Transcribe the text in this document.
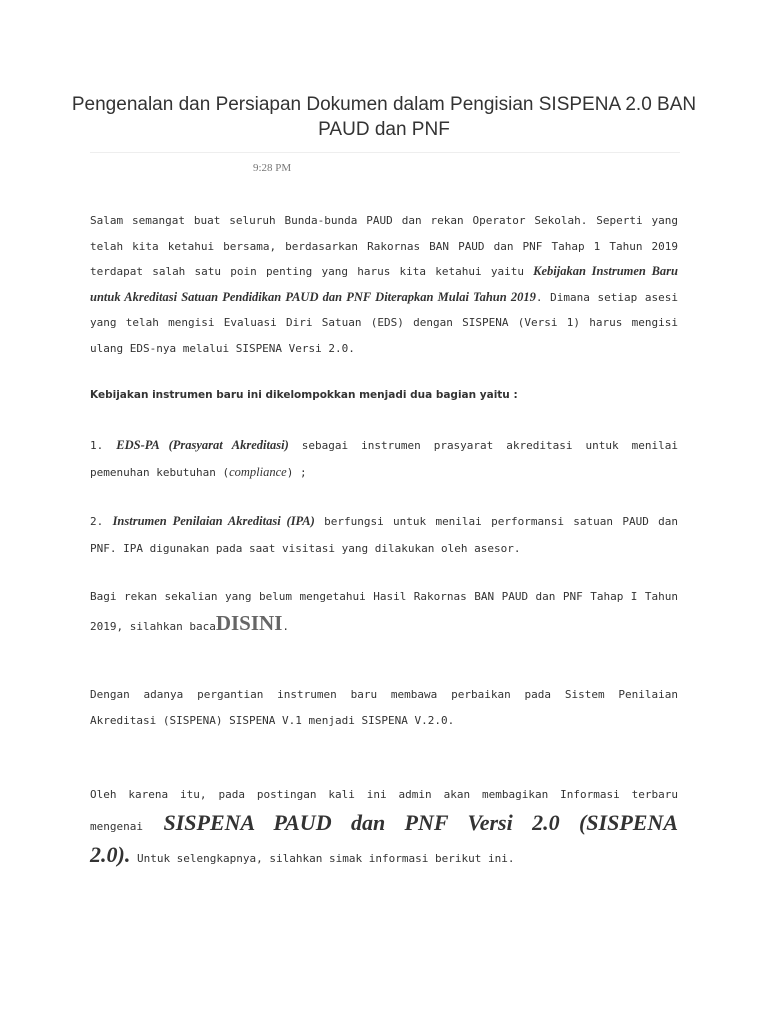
Pengenalan dan Persiapan Dokumen dalam Pengisian SISPENA 2.0 BAN PAUD dan PNF
9:28 PM

Salam semangat buat seluruh Bunda-bunda PAUD dan rekan Operator Sekolah. Seperti yang telah kita ketahui bersama, berdasarkan Rakornas BAN PAUD dan PNF Tahap 1 Tahun 2019 terdapat salah satu poin penting yang harus kita ketahui yaitu Kebijakan Instrumen Baru untuk Akreditasi Satuan Pendidikan PAUD dan PNF Diterapkan Mulai Tahun 2019. Dimana setiap asesi yang telah mengisi Evaluasi Diri Satuan (EDS) dengan SISPENA (Versi 1) harus mengisi ulang EDS-nya melalui SISPENA Versi 2.0.

Kebijakan instrumen baru ini dikelompokkan menjadi dua bagian yaitu :

1. EDS-PA (Prasyarat Akreditasi) sebagai instrumen prasyarat akreditasi untuk menilai pemenuhan kebutuhan (compliance) ;

2. Instrumen Penilaian Akreditasi (IPA) berfungsi untuk menilai performansi satuan PAUD dan PNF. IPA digunakan pada saat visitasi yang dilakukan oleh asesor.

Bagi rekan sekalian yang belum mengetahui Hasil Rakornas BAN PAUD dan PNF Tahap I Tahun 2019, silahkan bacaDISINI.

Dengan adanya pergantian instrumen baru membawa perbaikan pada Sistem Penilaian Akreditasi (SISPENA) SISPENA V.1 menjadi SISPENA V.2.0.

Oleh karena itu, pada postingan kali ini admin akan membagikan Informasi terbaru
mengenai SISPENA PAUD dan PNF Versi 2.0 (SISPENA
2.0). Untuk selengkapnya, silahkan simak informasi berikut ini.
